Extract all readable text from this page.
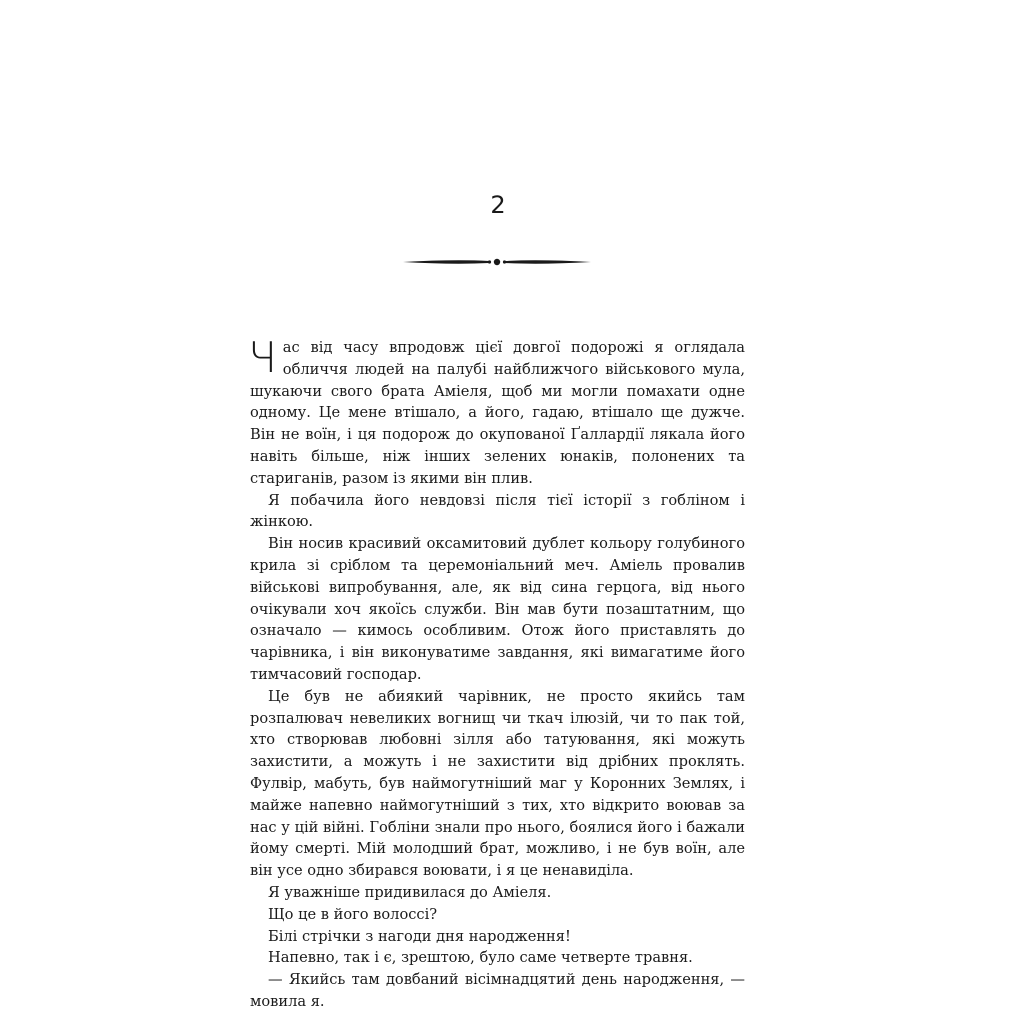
2

Час від часу впродовж цієї довгої подорожі я оглядала обличчя людей на палубі найближчого військового мула, шукаючи свого брата Аміеля, щоб ми могли помахати одне одному. Це мене втішало, а його, гадаю, втішало ще дужче. Він не воїн, і ця подорож до окупованої Ґаллардії лякала його навіть більше, ніж інших зелених юнаків, полонених та стариганів, разом із якими він плив.

Я побачила його невдовзі після тієї історії з гобліном і жінкою.

Він носив красивий оксамитовий дублет кольору голубиного крила зі сріблом та церемоніальний меч. Аміель провалив військові випробування, але, як від сина герцога, від нього очікували хоч якоїсь служби. Він мав бути позаштатним, що означало — кимось особливим. Отож його приставлять до чарівника, і він виконуватиме завдання, які вимагатиме його тимчасовий господар.

Це був не абиякий чарівник, не просто якийсь там розпалювач невеликих вогнищ чи ткач ілюзій, чи то пак той, хто створював любовні зілля або татуювання, які можуть захистити, а можуть і не захистити від дрібних проклять. Фулвір, мабуть, був наймогутніший маг у Коронних Землях, і майже напевно наймогутніший з тих, хто відкрито воював за нас у цій війні. Гобліни знали про нього, боялися його і бажали йому смерті. Мій молодший брат, можливо, і не був воїн, але він усе одно збирався воювати, і я це ненавиділа.

Я уважніше придивилася до Аміеля.

Що це в його волоссі?

Білі стрічки з нагоди дня народження!

Напевно, так і є, зрештою, було саме четверте травня.

— Якийсь там довбаний вісімнадцятий день народження, — мовила я.
